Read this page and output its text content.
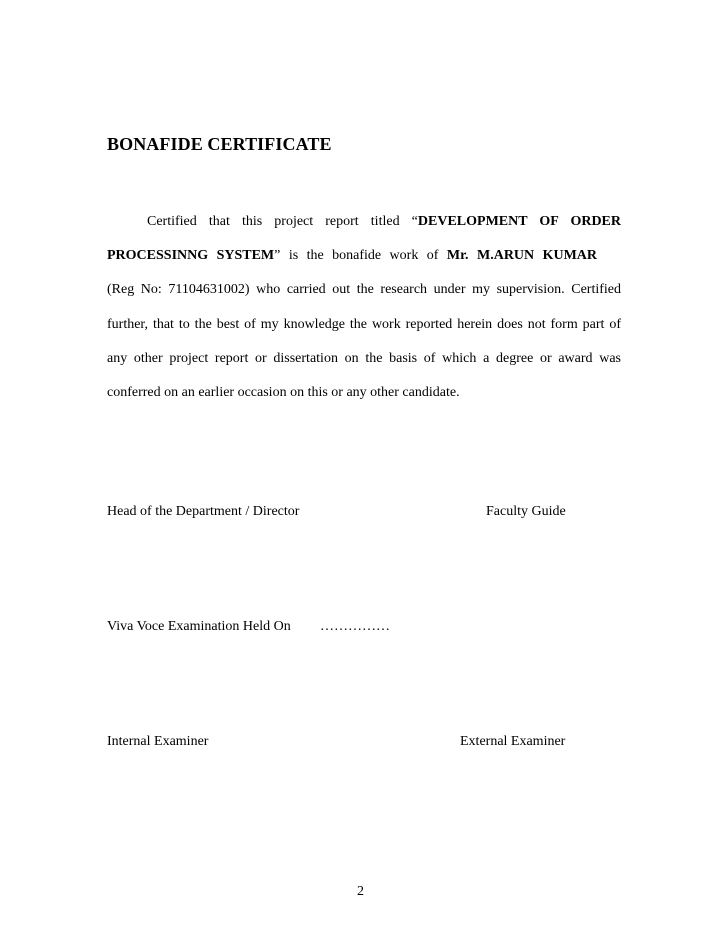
BONAFIDE CERTIFICATE
Certified that this project report titled “DEVELOPMENT OF ORDER
PROCESSINNG SYSTEM” is the bonafide work of Mr. M.ARUN KUMAR
(Reg No: 71104631002) who carried out the research under my supervision. Certified
further, that to the best of my knowledge the work reported herein does not form part of
any other project report or dissertation on the basis of which a degree or award was
conferred on an earlier occasion on this or any other candidate.
Head of the Department / Director	Faculty Guide
Viva Voce Examination Held On ……………
Internal Examiner	External Examiner
2
